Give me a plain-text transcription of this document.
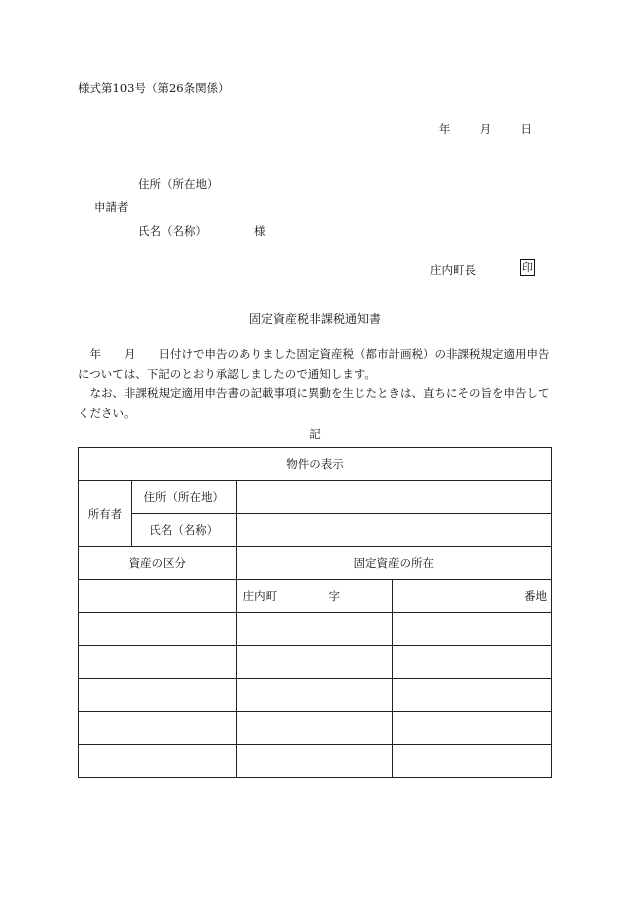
様式第103号（第26条関係）
年	月	日
住所（所在地）
申請者
氏名（名称）	様
庄内町長	印
固定資産税非課税通知書

年　　月　　日付けで申告のありました固定資産税（都市計画税）の非課税規定適用申告については、下記のとおり承認しましたので通知します。

なお、非課税規定適用申告書の記載事項に異動を生じたときは、直ちにその旨を申告してください。

記
物件の表示			
所有者	住所（所在地）		
	氏名（名称）		
資産の区分		固定資産の所在	
		庄内町 字	番地
